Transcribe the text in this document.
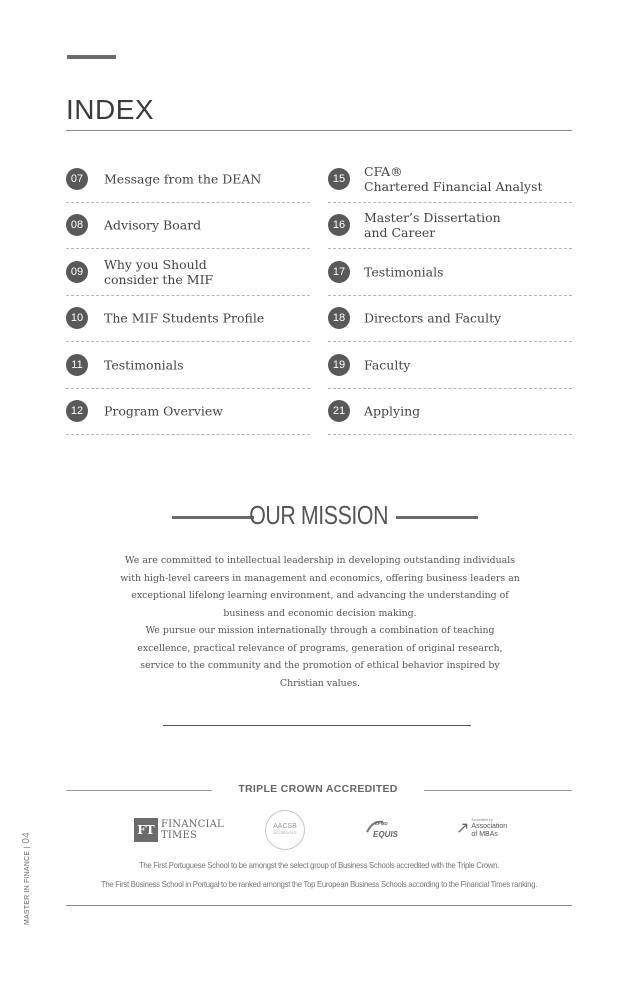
INDEX
07	Message from the DEAN
08	Advisory Board
09	Why you Should
consider the MIF
10	The MIF Students Profile
11	Testimonials
12	Program Overview
15	CFA®
Chartered Financial Analyst
16	Master’s Dissertation
and Career
17	Testimonials
18	Directors and Faculty
19	Faculty
21	Applying
OUR MISSION

We are committed to intellectual leadership in developing outstanding individuals with high-level careers in management and economics, offering business leaders an exceptional lifelong learning environment, and advancing the understanding of business and economic decision making.

We pursue our mission internationally through a combination of teaching excellence, practical relevance of programs, generation of original research, service to the community and the promotion of ethical behavior inspired by Christian values.

TRIPLE CROWN ACCREDITED
FT FINANCIAL
TIMES
AACSB
ACCREDITED
EFMD
EQUIS	↗ Accredited by
Association
of MBAs
The First Portuguese School to be amongst the select group of Business Schools accredited with the Triple Crown.
The First Business School in Portugal to be ranked amongst the Top European Business Schools according to the Financial Times ranking.
MASTER IN FINANCE |04
